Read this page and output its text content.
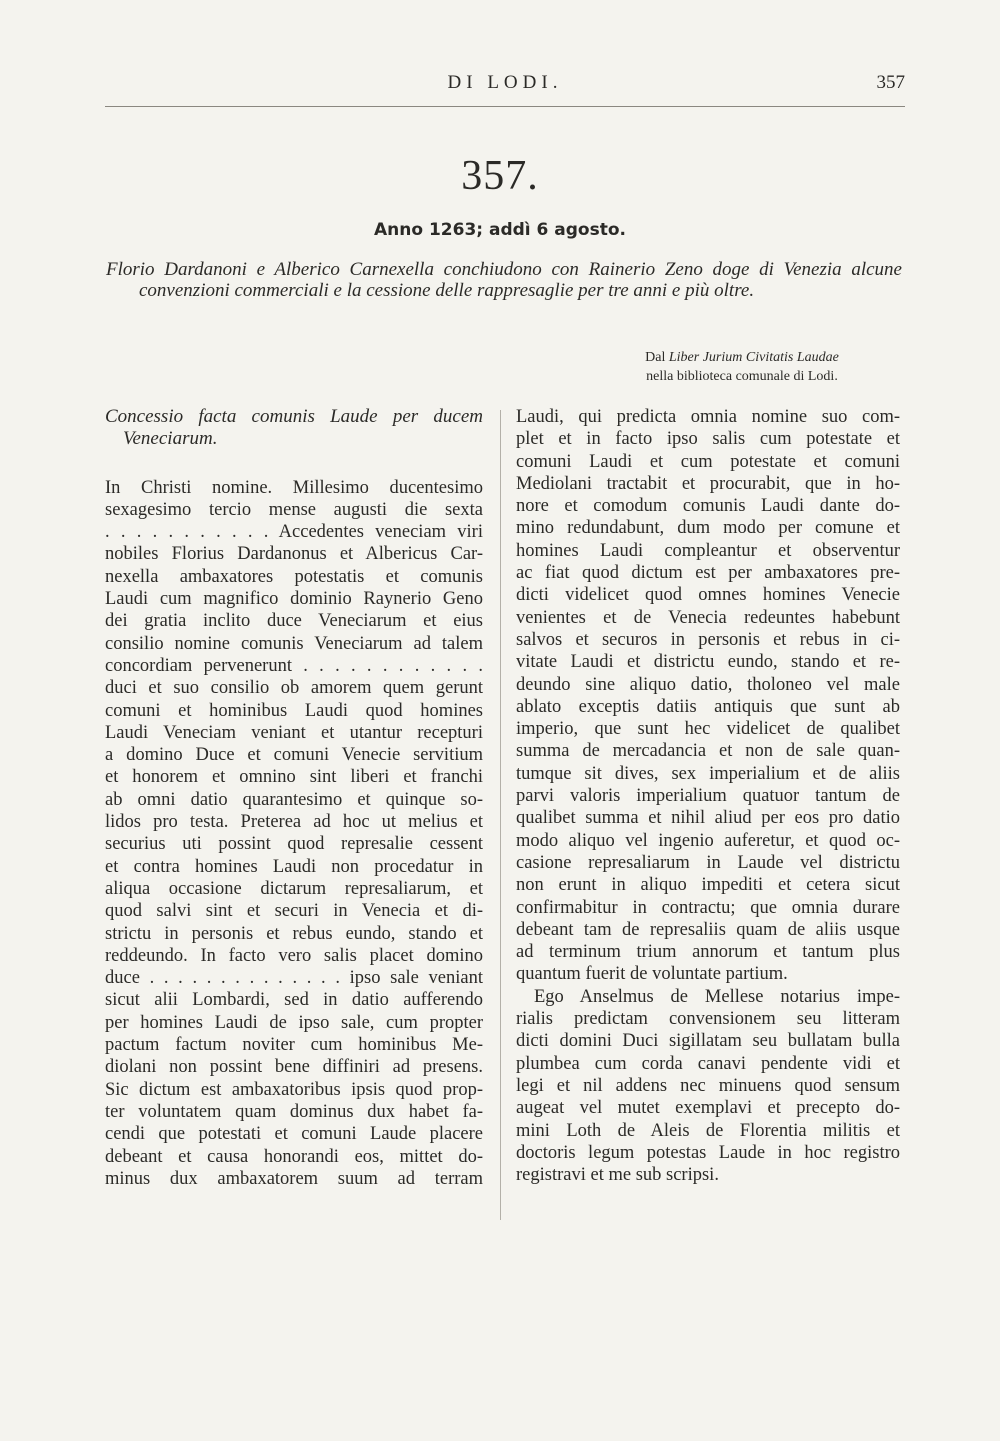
DI LODI.	357
357.
Anno 1263; addì 6 agosto.
Florio Dardanoni e Alberico Carnexella conchiudono con Rainerio Zeno doge di Venezia alcune convenzioni commerciali e la cessione delle rappresaglie per tre anni e più oltre.
Dal Liber Jurium Civitatis Laudae
nella biblioteca comunale di Lodi.
Concessio facta comunis Laude per ducem
Veneciarum.
In Christi nomine. Millesimo ducentesimo
sexagesimo tercio mense augusti die sexta
. . . . . . . . . . . Accedentes veneciam viri
nobiles Florius Dardanonus et Albericus Car-
nexella ambaxatores potestatis et comunis
Laudi cum magnifico dominio Raynerio Geno
dei gratia inclito duce Veneciarum et eius
consilio nomine comunis Veneciarum ad talem
concordiam pervenerunt . . . . . . . . . . . .
duci et suo consilio ob amorem quem gerunt
comuni et hominibus Laudi quod homines
Laudi Veneciam veniant et utantur recepturi
a domino Duce et comuni Venecie servitium
et honorem et omnino sint liberi et franchi
ab omni datio quarantesimo et quinque so-
lidos pro testa. Preterea ad hoc ut melius et
securius uti possint quod represalie cessent
et contra homines Laudi non procedatur in
aliqua occasione dictarum represaliarum, et
quod salvi sint et securi in Venecia et di-
strictu in personis et rebus eundo, stando et
reddeundo. In facto vero salis placet domino
duce . . . . . . . . . . . . . . ipso sale veniant
sicut alii Lombardi, sed in datio aufferendo
per homines Laudi de ipso sale, cum propter
pactum factum noviter cum hominibus Me-
diolani non possint bene diffiniri ad presens.
Sic dictum est ambaxatoribus ipsis quod prop-
ter voluntatem quam dominus dux habet fa-
cendi que potestati et comuni Laude placere
debeant et causa honorandi eos, mittet do-
minus dux ambaxatorem suum ad terram
Laudi, qui predicta omnia nomine suo com-
plet et in facto ipso salis cum potestate et
comuni Laudi et cum potestate et comuni
Mediolani tractabit et procurabit, que in ho-
nore et comodum comunis Laudi dante do-
mino redundabunt, dum modo per comune et
homines Laudi compleantur et observentur
ac fiat quod dictum est per ambaxatores pre-
dicti videlicet quod omnes homines Venecie
venientes et de Venecia redeuntes habebunt
salvos et securos in personis et rebus in ci-
vitate Laudi et districtu eundo, stando et re-
deundo sine aliquo datio, tholoneo vel male
ablato exceptis datiis antiquis que sunt ab
imperio, que sunt hec videlicet de qualibet
summa de mercadancia et non de sale quan-
tumque sit dives, sex imperialium et de aliis
parvi valoris imperialium quatuor tantum de
qualibet summa et nihil aliud per eos pro datio
modo aliquo vel ingenio auferetur, et quod oc-
casione represaliarum in Laude vel districtu
non erunt in aliquo impediti et cetera sicut
confirmabitur in contractu; que omnia durare
debeant tam de represaliis quam de aliis usque
ad terminum trium annorum et tantum plus
quantum fuerit de voluntate partium.
Ego Anselmus de Mellese notarius impe-
rialis predictam convensionem seu litteram
dicti domini Duci sigillatam seu bullatam bulla
plumbea cum corda canavi pendente vidi et
legi et nil addens nec minuens quod sensum
augeat vel mutet exemplavi et precepto do-
mini Loth de Aleis de Florentia militis et
doctoris legum potestas Laude in hoc registro
registravi et me sub scripsi.
